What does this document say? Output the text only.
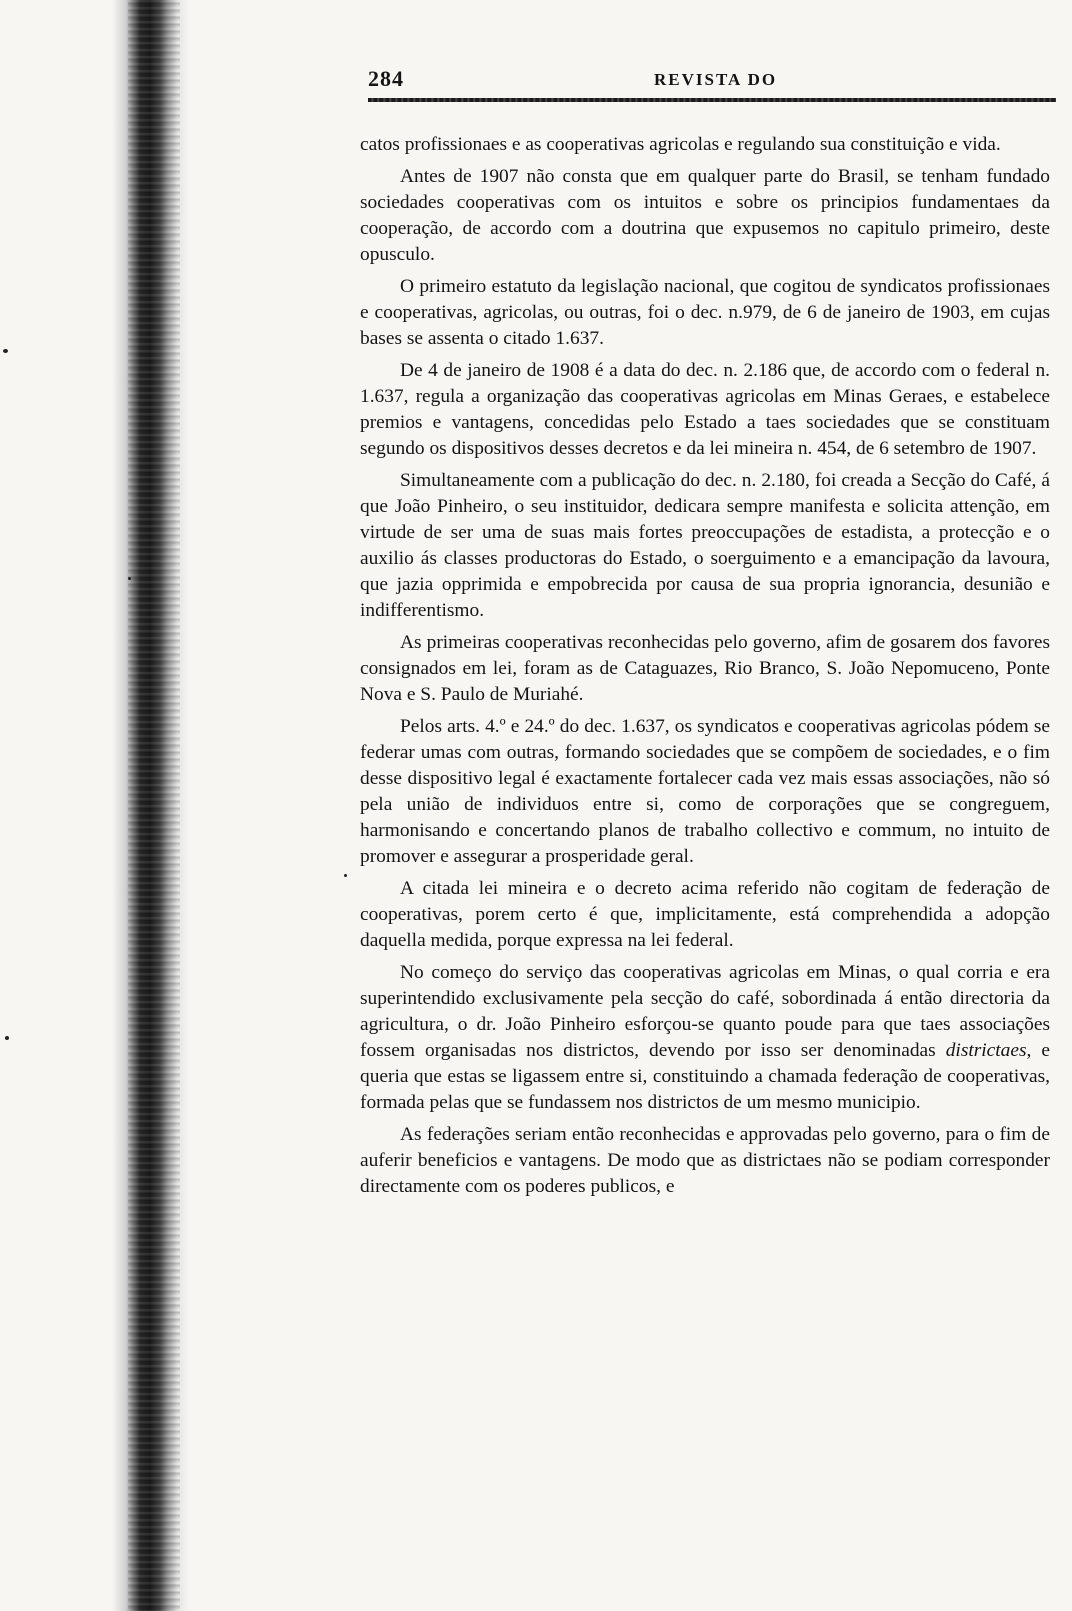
284	REVISTA DO

catos profissionaes e as cooperativas agricolas e regulando sua constituição e vida.

Antes de 1907 não consta que em qualquer parte do Brasil, se tenham fundado sociedades cooperativas com os intuitos e sobre os principios fundamentaes da cooperação, de accordo com a doutrina que expusemos no capitulo primeiro, deste opusculo.

O primeiro estatuto da legislação nacional, que cogitou de syndicatos profissionaes e cooperativas, agricolas, ou outras, foi o dec. n.979, de 6 de janeiro de 1903, em cujas bases se assenta o citado 1.637.

De 4 de janeiro de 1908 é a data do dec. n. 2.186 que, de accordo com o federal n. 1.637, regula a organização das cooperativas agricolas em Minas Geraes, e estabelece premios e vantagens, concedidas pelo Estado a taes sociedades que se constituam segundo os dispositivos desses decretos e da lei mineira n. 454, de 6 setembro de 1907.

Simultaneamente com a publicação do dec. n. 2.180, foi creada a Secção do Café, á que João Pinheiro, o seu instituidor, dedicara sempre manifesta e solicita attenção, em virtude de ser uma de suas mais fortes preoccupações de estadista, a protecção e o auxilio ás classes productoras do Estado, o soerguimento e a emancipação da lavoura, que jazia opprimida e empobrecida por causa de sua propria ignorancia, desunião e indifferentismo.

As primeiras cooperativas reconhecidas pelo governo, afim de gosarem dos favores consignados em lei, foram as de Cataguazes, Rio Branco, S. João Nepomuceno, Ponte Nova e S. Paulo de Muriahé.

Pelos arts. 4.º e 24.º do dec. 1.637, os syndicatos e cooperativas agricolas pódem se federar umas com outras, formando sociedades que se compõem de sociedades, e o fim desse dispositivo legal é exactamente fortalecer cada vez mais essas associações, não só pela união de individuos entre si, como de corporações que se congreguem, harmonisando e concertando planos de trabalho collectivo e commum, no intuito de promover e assegurar a prosperidade geral.

A citada lei mineira e o decreto acima referido não cogitam de federação de cooperativas, porem certo é que, implicitamente, está comprehendida a adopção daquella medida, porque expressa na lei federal.

No começo do serviço das cooperativas agricolas em Minas, o qual corria e era superintendido exclusivamente pela secção do café, sobordinada á então directoria da agricultura, o dr. João Pinheiro esforçou-se quanto poude para que taes associações fossem organisadas nos districtos, devendo por isso ser denominadas districtaes, e queria que estas se ligassem entre si, constituindo a chamada federação de cooperativas, formada pelas que se fundassem nos districtos de um mesmo municipio.

As federações seriam então reconhecidas e approvadas pelo governo, para o fim de auferir beneficios e vantagens. De modo que as districtaes não se podiam corresponder directamente com os poderes publicos, e
